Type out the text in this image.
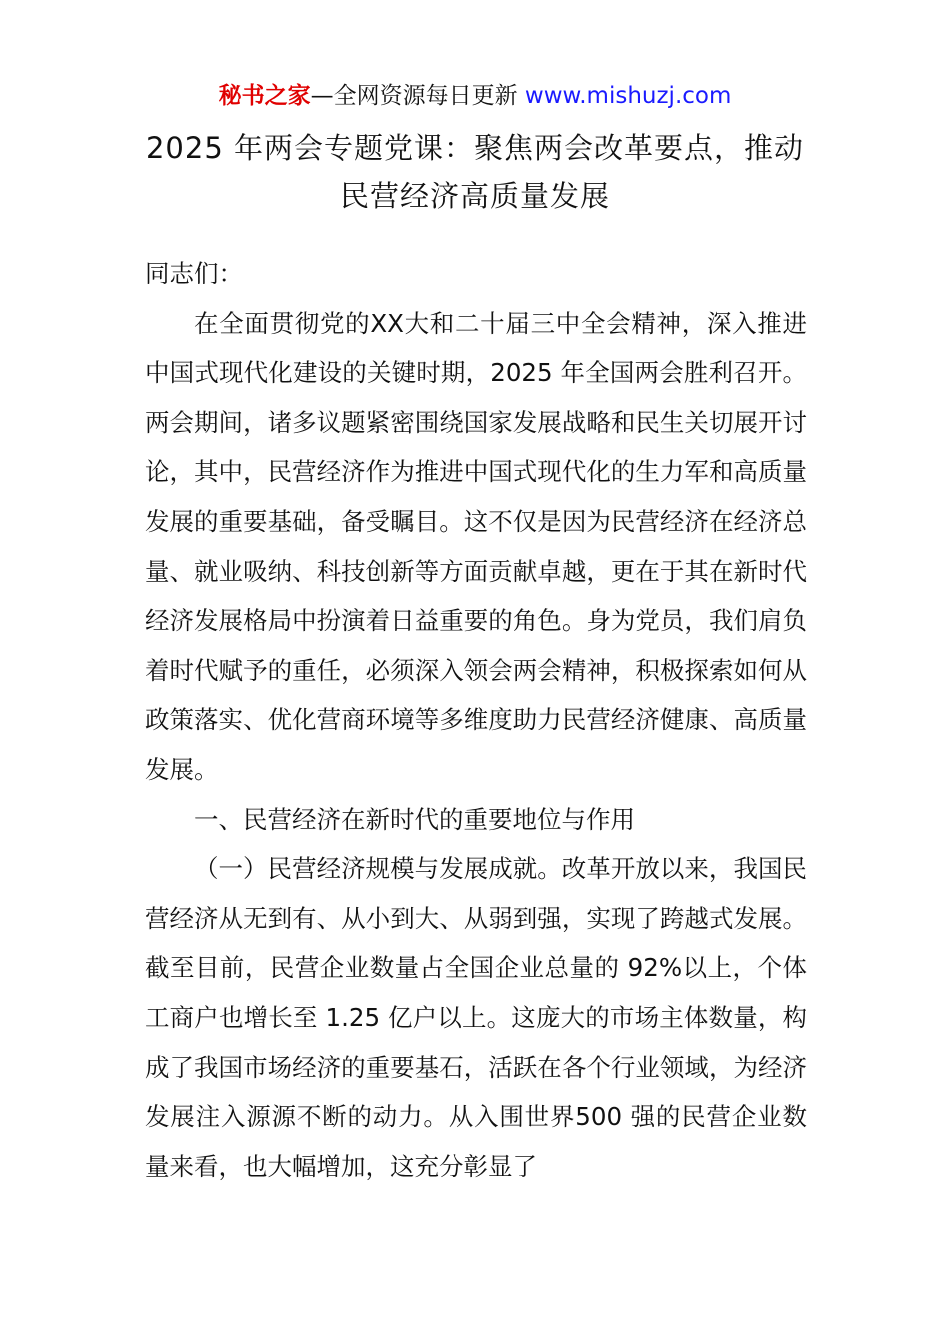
秘书之家—全网资源每日更新 www.mishuzj.com
2025 年两会专题党课：聚焦两会改革要点，推动民营经济高质量发展

同志们：

在全面贯彻党的XX大和二十届三中全会精神，深入推进中国式现代化建设的关键时期，2025 年全国两会胜利召开。两会期间，诸多议题紧密围绕国家发展战略和民生关切展开讨论，其中，民营经济作为推进中国式现代化的生力军和高质量发展的重要基础，备受瞩目。这不仅是因为民营经济在经济总量、就业吸纳、科技创新等方面贡献卓越，更在于其在新时代经济发展格局中扮演着日益重要的角色。身为党员，我们肩负着时代赋予的重任，必须深入领会两会精神，积极探索如何从政策落实、优化营商环境等多维度助力民营经济健康、高质量发展。

一、民营经济在新时代的重要地位与作用

（一）民营经济规模与发展成就。改革开放以来，我国民营经济从无到有、从小到大、从弱到强，实现了跨越式发展。截至目前，民营企业数量占全国企业总量的 92%以上，个体工商户也增长至 1.25 亿户以上。这庞大的市场主体数量，构成了我国市场经济的重要基石，活跃在各个行业领域，为经济发展注入源源不断的动力。从入围世界500 强的民营企业数量来看，也大幅增加，这充分彰显了
